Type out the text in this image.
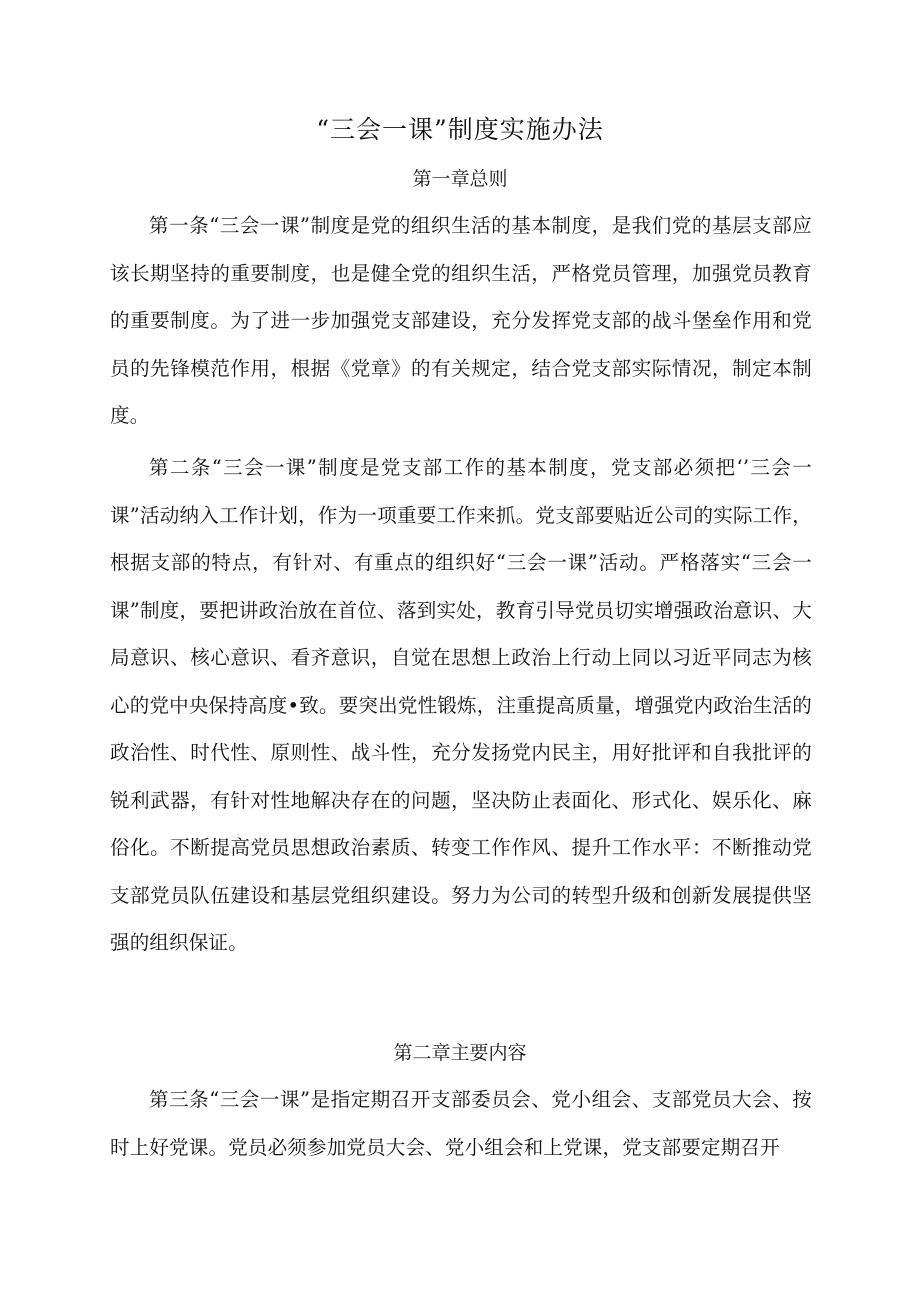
“三会一课”制度实施办法
第一章总则

第一条“三会一课”制度是党的组织生活的基本制度，是我们党的基层支部应该长期坚持的重要制度，也是健全党的组织生活，严格党员管理，加强党员教育的重要制度。为了进一步加强党支部建设，充分发挥党支部的战斗堡垒作用和党员的先锋模范作用，根据《党章》的有关规定，结合党支部实际情况，制定本制度。

第二条“三会一课”制度是党支部工作的基本制度，党支部必须把‘’三会一课”活动纳入工作计划，作为一项重要工作来抓。党支部要贴近公司的实际工作，根据支部的特点，有针对、有重点的组织好“三会一课”活动。严格落实“三会一课”制度，要把讲政治放在首位、落到实处，教育引导党员切实增强政治意识、大局意识、核心意识、看齐意识，自觉在思想上政治上行动上同以习近平同志为核心的党中央保持高度•致。要突出党性锻炼，注重提高质量，增强党内政治生活的政治性、时代性、原则性、战斗性，充分发扬党内民主，用好批评和自我批评的锐利武器，有针对性地解决存在的问题，坚决防止表面化、形式化、娱乐化、麻俗化。不断提高党员思想政治素质、转变工作作风、提升工作水平：不断推动党支部党员队伍建设和基层党组织建设。努力为公司的转型升级和创新发展提供坚强的组织保证。

第二章主要内容

第三条“三会一课”是指定期召开支部委员会、党小组会、支部党员大会、按时上好党课。党员必须参加党员大会、党小组会和上党课，党支部要定期召开
